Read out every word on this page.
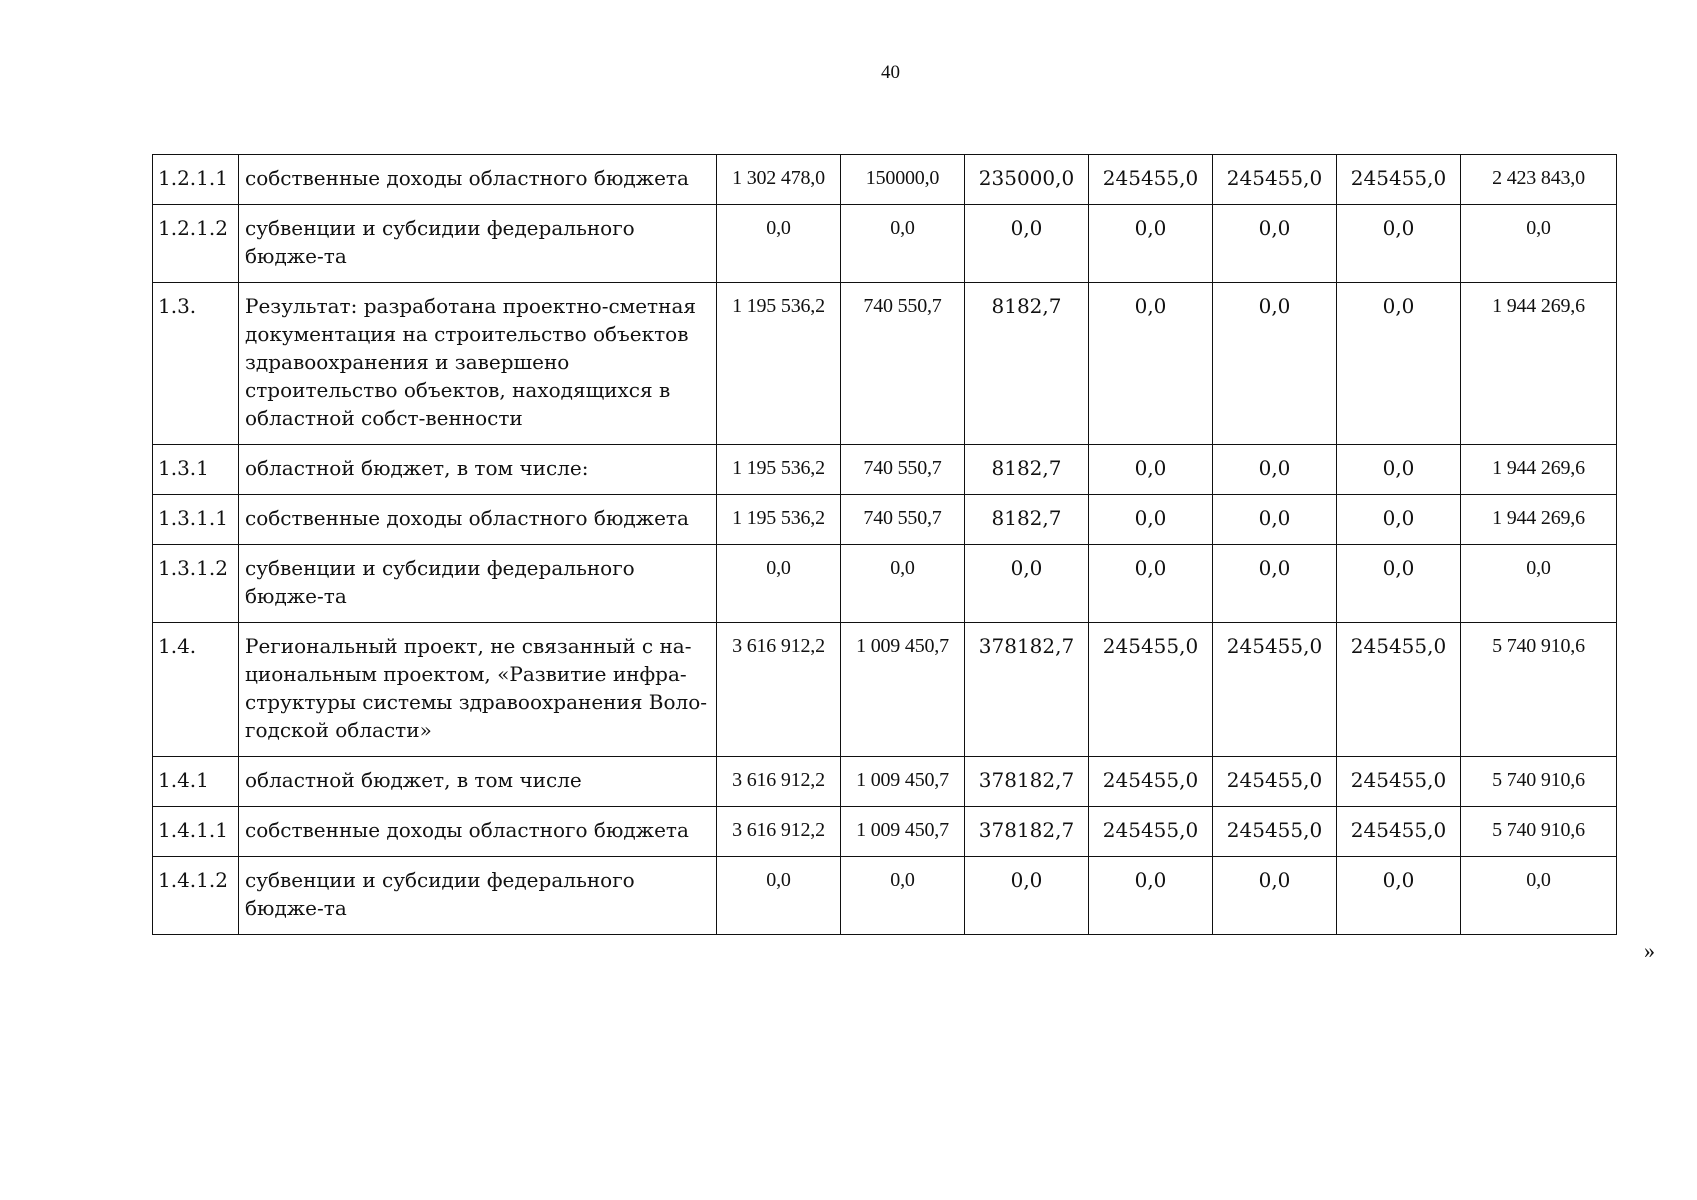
40
1.2.1.1	собственные доходы областного бюджета	1 302 478,0	150000,0	235000,0	245455,0	245455,0	245455,0	2 423 843,0
1.2.1.2	субвенции и субсидии федерального бюдже-та	0,0	0,0	0,0	0,0	0,0	0,0	0,0
1.3.	Результат: разработана проектно-сметная документация на строительство объектов здравоохранения и завершено строительство объектов, находящихся в областной собст-венности	1 195 536,2	740 550,7	8182,7	0,0	0,0	0,0	1 944 269,6
1.3.1	областной бюджет, в том числе:	1 195 536,2	740 550,7	8182,7	0,0	0,0	0,0	1 944 269,6
1.3.1.1	собственные доходы областного бюджета	1 195 536,2	740 550,7	8182,7	0,0	0,0	0,0	1 944 269,6
1.3.1.2	субвенции и субсидии федерального бюдже-та	0,0	0,0	0,0	0,0	0,0	0,0	0,0
1.4.	Региональный проект, не связанный с на-циональным проектом, «Развитие инфра-структуры системы здравоохранения Воло-годской области»	3 616 912,2	1 009 450,7	378182,7	245455,0	245455,0	245455,0	5 740 910,6
1.4.1	областной бюджет, в том числе	3 616 912,2	1 009 450,7	378182,7	245455,0	245455,0	245455,0	5 740 910,6
1.4.1.1	собственные доходы областного бюджета	3 616 912,2	1 009 450,7	378182,7	245455,0	245455,0	245455,0	5 740 910,6
1.4.1.2	субвенции и субсидии федерального бюдже-та	0,0	0,0	0,0	0,0	0,0	0,0	0,0
»
